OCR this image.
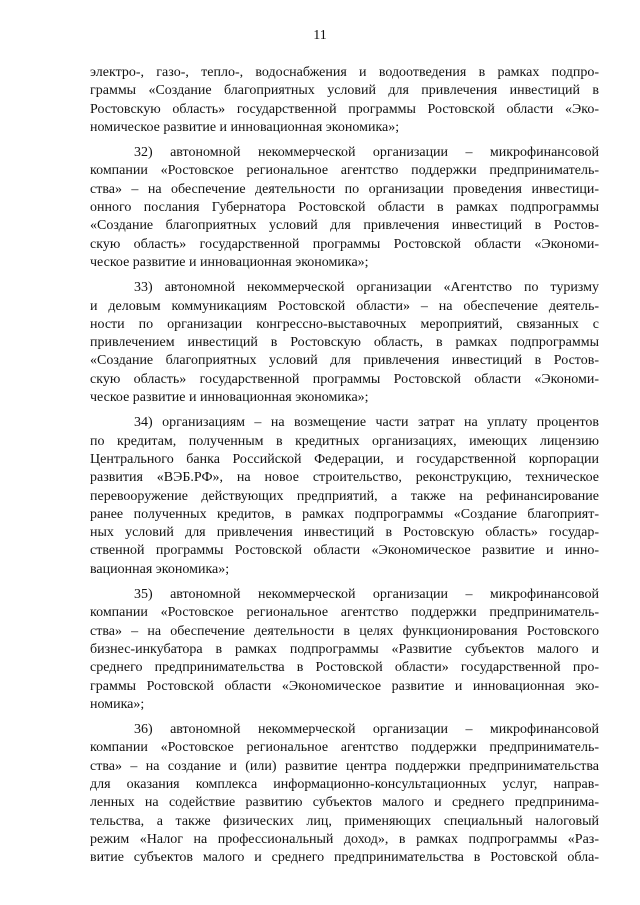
11
электро-, газо-, тепло-, водоснабжения и водоотведения в рамках подпро-
граммы «Создание благоприятных условий для привлечения инвестиций в
Ростовскую область» государственной программы Ростовской области «Эко-
номическое развитие и инновационная экономика»;
32) автономной некоммерческой организации – микрофинансовой
компании «Ростовское региональное агентство поддержки предприниматель-
ства» – на обеспечение деятельности по организации проведения инвестици-
онного послания Губернатора Ростовской области в рамках подпрограммы
«Создание благоприятных условий для привлечения инвестиций в Ростов-
скую область» государственной программы Ростовской области «Экономи-
ческое развитие и инновационная экономика»;
33) автономной некоммерческой организации «Агентство по туризму
и деловым коммуникациям Ростовской области» – на обеспечение деятель-
ности по организации конгрессно-выставочных мероприятий, связанных с
привлечением инвестиций в Ростовскую область, в рамках подпрограммы
«Создание благоприятных условий для привлечения инвестиций в Ростов-
скую область» государственной программы Ростовской области «Экономи-
ческое развитие и инновационная экономика»;
34) организациям – на возмещение части затрат на уплату процентов
по кредитам, полученным в кредитных организациях, имеющих лицензию
Центрального банка Российской Федерации, и государственной корпорации
развития «ВЭБ.РФ», на новое строительство, реконструкцию, техническое
перевооружение действующих предприятий, а также на рефинансирование
ранее полученных кредитов, в рамках подпрограммы «Создание благоприят-
ных условий для привлечения инвестиций в Ростовскую область» государ-
ственной программы Ростовской области «Экономическое развитие и инно-
вационная экономика»;
35) автономной некоммерческой организации – микрофинансовой
компании «Ростовское региональное агентство поддержки предприниматель-
ства» – на обеспечение деятельности в целях функционирования Ростовского
бизнес-инкубатора в рамках подпрограммы «Развитие субъектов малого и
среднего предпринимательства в Ростовской области» государственной про-
граммы Ростовской области «Экономическое развитие и инновационная эко-
номика»;
36) автономной некоммерческой организации – микрофинансовой
компании «Ростовское региональное агентство поддержки предприниматель-
ства» – на создание и (или) развитие центра поддержки предпринимательства
для оказания комплекса информационно-консультационных услуг, направ-
ленных на содействие развитию субъектов малого и среднего предпринима-
тельства, а также физических лиц, применяющих специальный налоговый
режим «Налог на профессиональный доход», в рамках подпрограммы «Раз-
витие субъектов малого и среднего предпринимательства в Ростовской обла-
